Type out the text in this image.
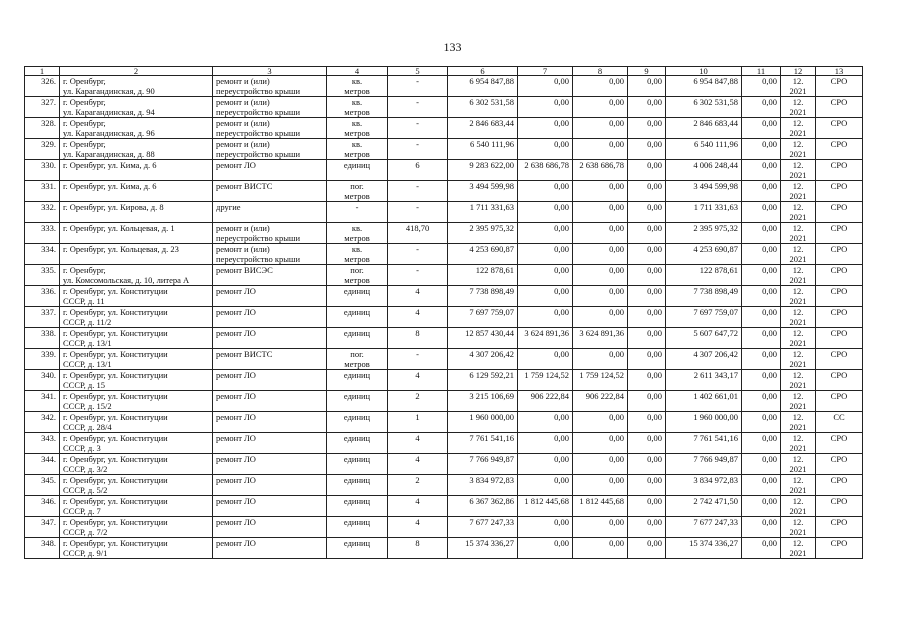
133
1	2	3	4	5	6	7	8	9	10	11	12	13
326.	г. Оренбург,
ул. Карагандинская, д. 90	ремонт и (или)
переустройство крыши	кв.
метров	-	6 954 847,88	0,00	0,00	0,00	6 954 847,88	0,00	12.
2021	СРО
327.	г. Оренбург,
ул. Карагандинская, д. 94	ремонт и (или)
переустройство крыши	кв.
метров	-	6 302 531,58	0,00	0,00	0,00	6 302 531,58	0,00	12.
2021	СРО
328.	г. Оренбург,
ул. Карагандинская, д. 96	ремонт и (или)
переустройство крыши	кв.
метров	-	2 846 683,44	0,00	0,00	0,00	2 846 683,44	0,00	12.
2021	СРО
329.	г. Оренбург,
ул. Карагандинская, д. 88	ремонт и (или)
переустройство крыши	кв.
метров	-	6 540 111,96	0,00	0,00	0,00	6 540 111,96	0,00	12.
2021	СРО
330.	г. Оренбург, ул. Кима, д. 6	ремонт ЛО	единиц	6	9 283 622,00	2 638 686,78	2 638 686,78	0,00	4 006 248,44	0,00	12.
2021	СРО
331.	г. Оренбург, ул. Кима, д. 6	ремонт ВИСТС	пог.
метров	-	3 494 599,98	0,00	0,00	0,00	3 494 599,98	0,00	12.
2021	СРО
332.	г. Оренбург, ул. Кирова, д. 8	другие	-	-	1 711 331,63	0,00	0,00	0,00	1 711 331,63	0,00	12.
2021	СРО
333.	г. Оренбург, ул. Кольцевая, д. 1	ремонт и (или)
переустройство крыши	кв.
метров	418,70	2 395 975,32	0,00	0,00	0,00	2 395 975,32	0,00	12.
2021	СРО
334.	г. Оренбург, ул. Кольцевая, д. 23	ремонт и (или)
переустройство крыши	кв.
метров	-	4 253 690,87	0,00	0,00	0,00	4 253 690,87	0,00	12.
2021	СРО
335.	г. Оренбург,
ул. Комсомольская, д. 10, литера А	ремонт ВИСЭС	пог.
метров	-	122 878,61	0,00	0,00	0,00	122 878,61	0,00	12.
2021	СРО
336.	г. Оренбург, ул. Конституции
СССР, д. 11	ремонт ЛО	единиц	4	7 738 898,49	0,00	0,00	0,00	7 738 898,49	0,00	12.
2021	СРО
337.	г. Оренбург, ул. Конституции
СССР, д. 11/2	ремонт ЛО	единиц	4	7 697 759,07	0,00	0,00	0,00	7 697 759,07	0,00	12.
2021	СРО
338.	г. Оренбург, ул. Конституции
СССР, д. 13/1	ремонт ЛО	единиц	8	12 857 430,44	3 624 891,36	3 624 891,36	0,00	5 607 647,72	0,00	12.
2021	СРО
339.	г. Оренбург, ул. Конституции
СССР, д. 13/1	ремонт ВИСТС	пог.
метров	-	4 307 206,42	0,00	0,00	0,00	4 307 206,42	0,00	12.
2021	СРО
340.	г. Оренбург, ул. Конституции
СССР, д. 15	ремонт ЛО	единиц	4	6 129 592,21	1 759 124,52	1 759 124,52	0,00	2 611 343,17	0,00	12.
2021	СРО
341.	г. Оренбург, ул. Конституции
СССР, д. 15/2	ремонт ЛО	единиц	2	3 215 106,69	906 222,84	906 222,84	0,00	1 402 661,01	0,00	12.
2021	СРО
342.	г. Оренбург, ул. Конституции
СССР, д. 28/4	ремонт ЛО	единиц	1	1 960 000,00	0,00	0,00	0,00	1 960 000,00	0,00	12.
2021	СС
343.	г. Оренбург, ул. Конституции
СССР, д. 3	ремонт ЛО	единиц	4	7 761 541,16	0,00	0,00	0,00	7 761 541,16	0,00	12.
2021	СРО
344.	г. Оренбург, ул. Конституции
СССР, д. 3/2	ремонт ЛО	единиц	4	7 766 949,87	0,00	0,00	0,00	7 766 949,87	0,00	12.
2021	СРО
345.	г. Оренбург, ул. Конституции
СССР, д. 5/2	ремонт ЛО	единиц	2	3 834 972,83	0,00	0,00	0,00	3 834 972,83	0,00	12.
2021	СРО
346.	г. Оренбург, ул. Конституции
СССР, д. 7	ремонт ЛО	единиц	4	6 367 362,86	1 812 445,68	1 812 445,68	0,00	2 742 471,50	0,00	12.
2021	СРО
347.	г. Оренбург, ул. Конституции
СССР, д. 7/2	ремонт ЛО	единиц	4	7 677 247,33	0,00	0,00	0,00	7 677 247,33	0,00	12.
2021	СРО
348.	г. Оренбург, ул. Конституции
СССР, д. 9/1	ремонт ЛО	единиц	8	15 374 336,27	0,00	0,00	0,00	15 374 336,27	0,00	12.
2021	СРО
